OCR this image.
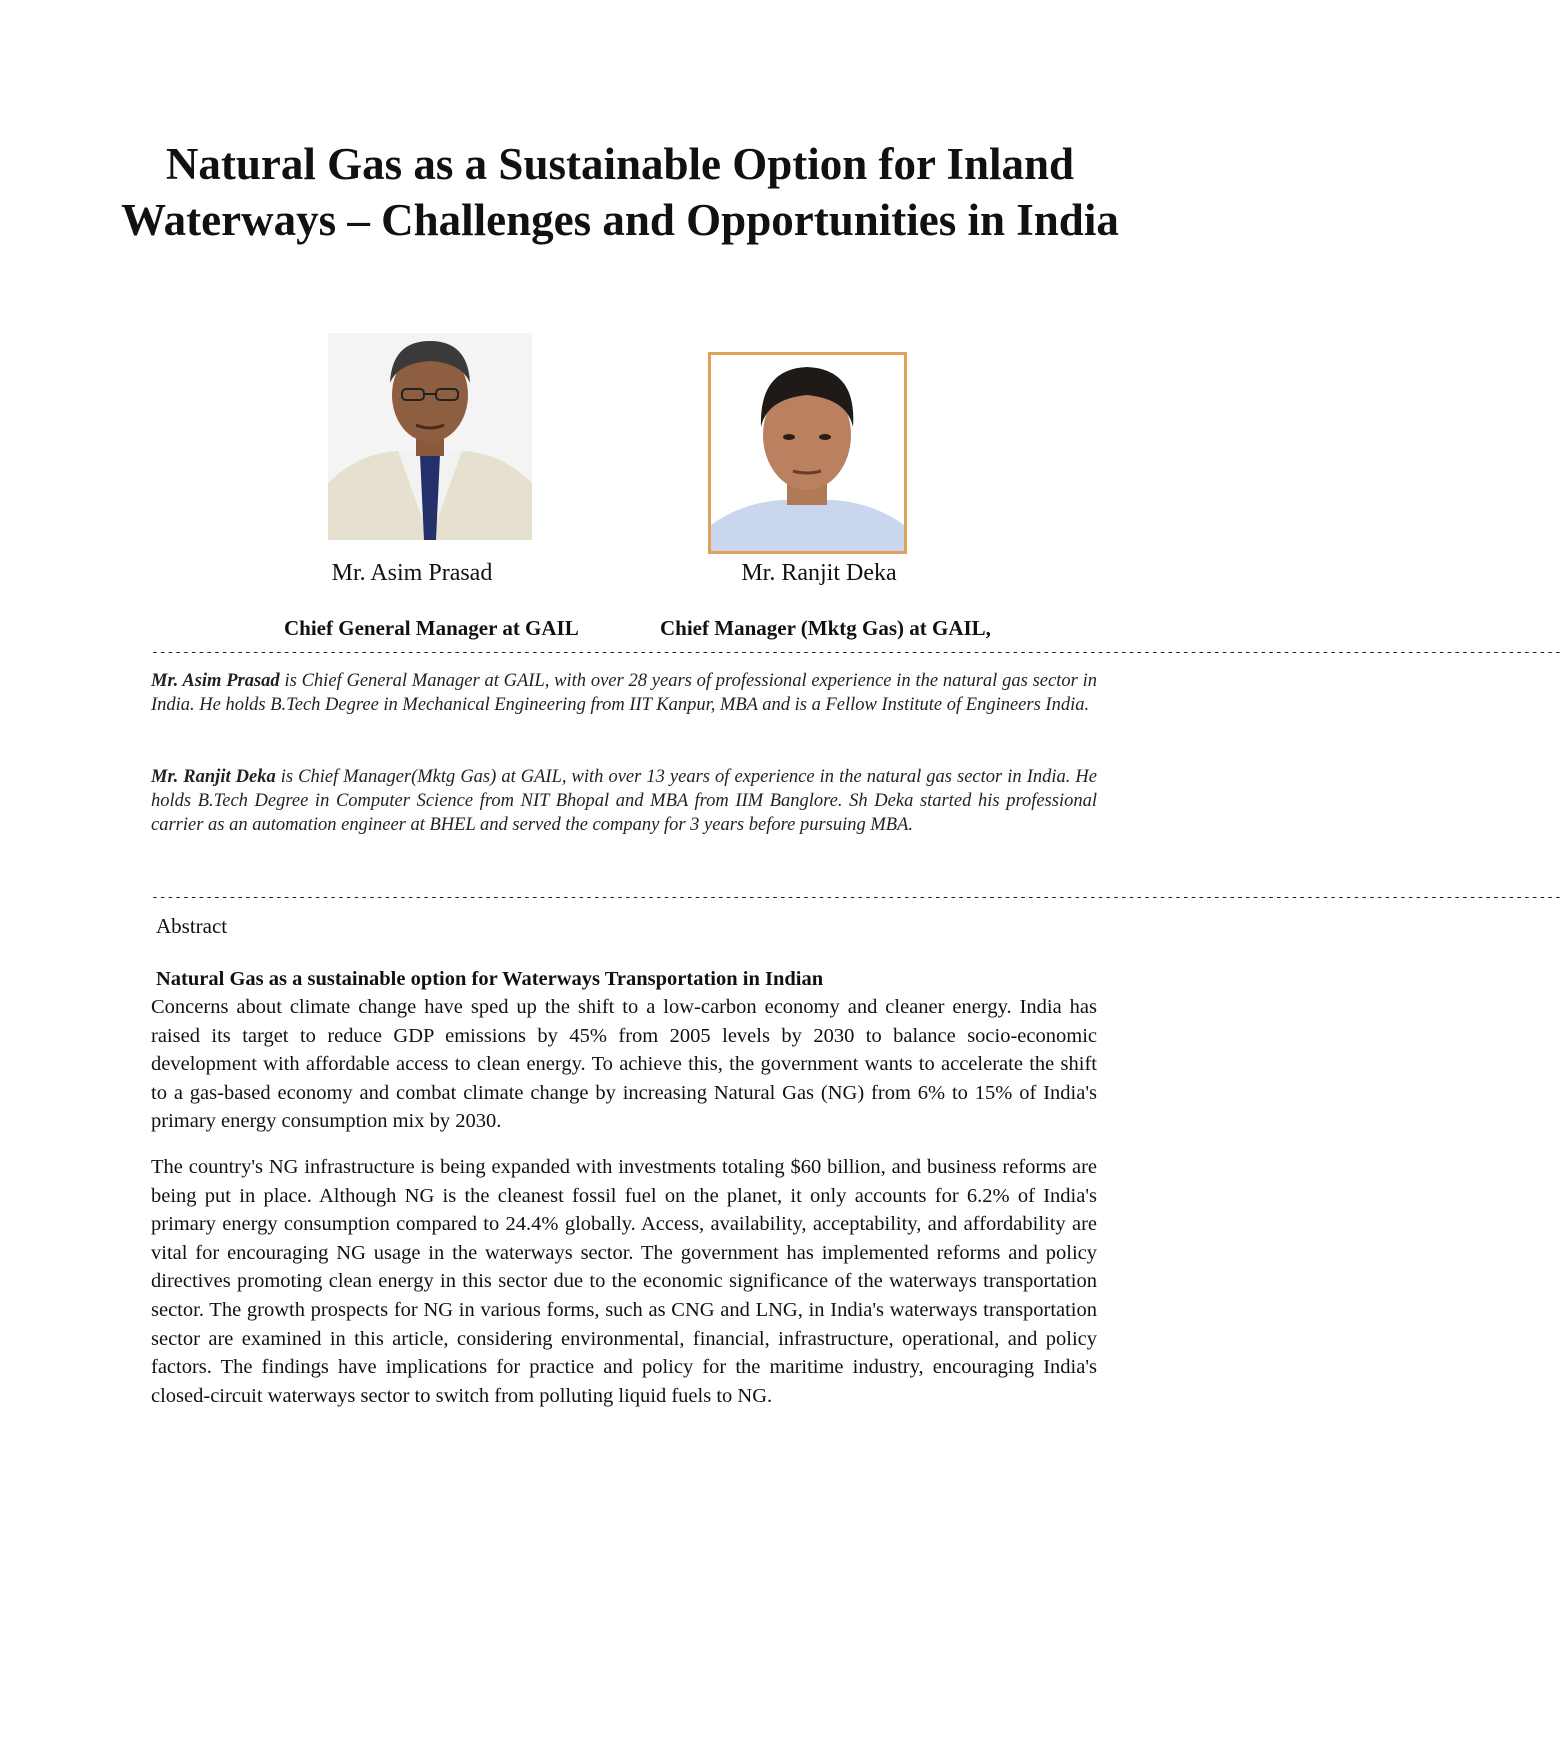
Natural Gas as a Sustainable Option for Inland Waterways – Challenges and Opportunities in India
Mr. Asim Prasad	Mr. Ranjit Deka
Chief General Manager at GAIL	Chief Manager (Mktg Gas) at GAIL,
--------------------------------------------------------------------------------------------------------------------------------------------------------------------------------------

Mr. Asim Prasad is Chief General Manager at GAIL, with over 28 years of professional experience in the natural gas sector in India. He holds B.Tech Degree in Mechanical Engineering from IIT Kanpur, MBA and is a Fellow Institute of Engineers India.

Mr. Ranjit Deka is Chief Manager(Mktg Gas) at GAIL, with over 13 years of experience in the natural gas sector in India. He holds B.Tech Degree in Computer Science from NIT Bhopal and MBA from IIM Banglore. Sh Deka started his professional carrier as an automation engineer at BHEL and served the company for 3 years before pursuing MBA.

--------------------------------------------------------------------------------------------------------------------------------------------------------------------------------------
Abstract
Natural Gas as a sustainable option for Waterways Transportation in Indian

Concerns about climate change have sped up the shift to a low-carbon economy and cleaner energy. India has raised its target to reduce GDP emissions by 45% from 2005 levels by 2030 to balance socio-economic development with affordable access to clean energy. To achieve this, the government wants to accelerate the shift to a gas-based economy and combat climate change by increasing Natural Gas (NG) from 6% to 15% of India's primary energy consumption mix by 2030.

The country's NG infrastructure is being expanded with investments totaling $60 billion, and business reforms are being put in place. Although NG is the cleanest fossil fuel on the planet, it only accounts for 6.2% of India's primary energy consumption compared to 24.4% globally. Access, availability, acceptability, and affordability are vital for encouraging NG usage in the waterways sector. The government has implemented reforms and policy directives promoting clean energy in this sector due to the economic significance of the waterways transportation sector. The growth prospects for NG in various forms, such as CNG and LNG, in India's waterways transportation sector are examined in this article, considering environmental, financial, infrastructure, operational, and policy factors. The findings have implications for practice and policy for the maritime industry, encouraging India's closed-circuit waterways sector to switch from polluting liquid fuels to NG.
